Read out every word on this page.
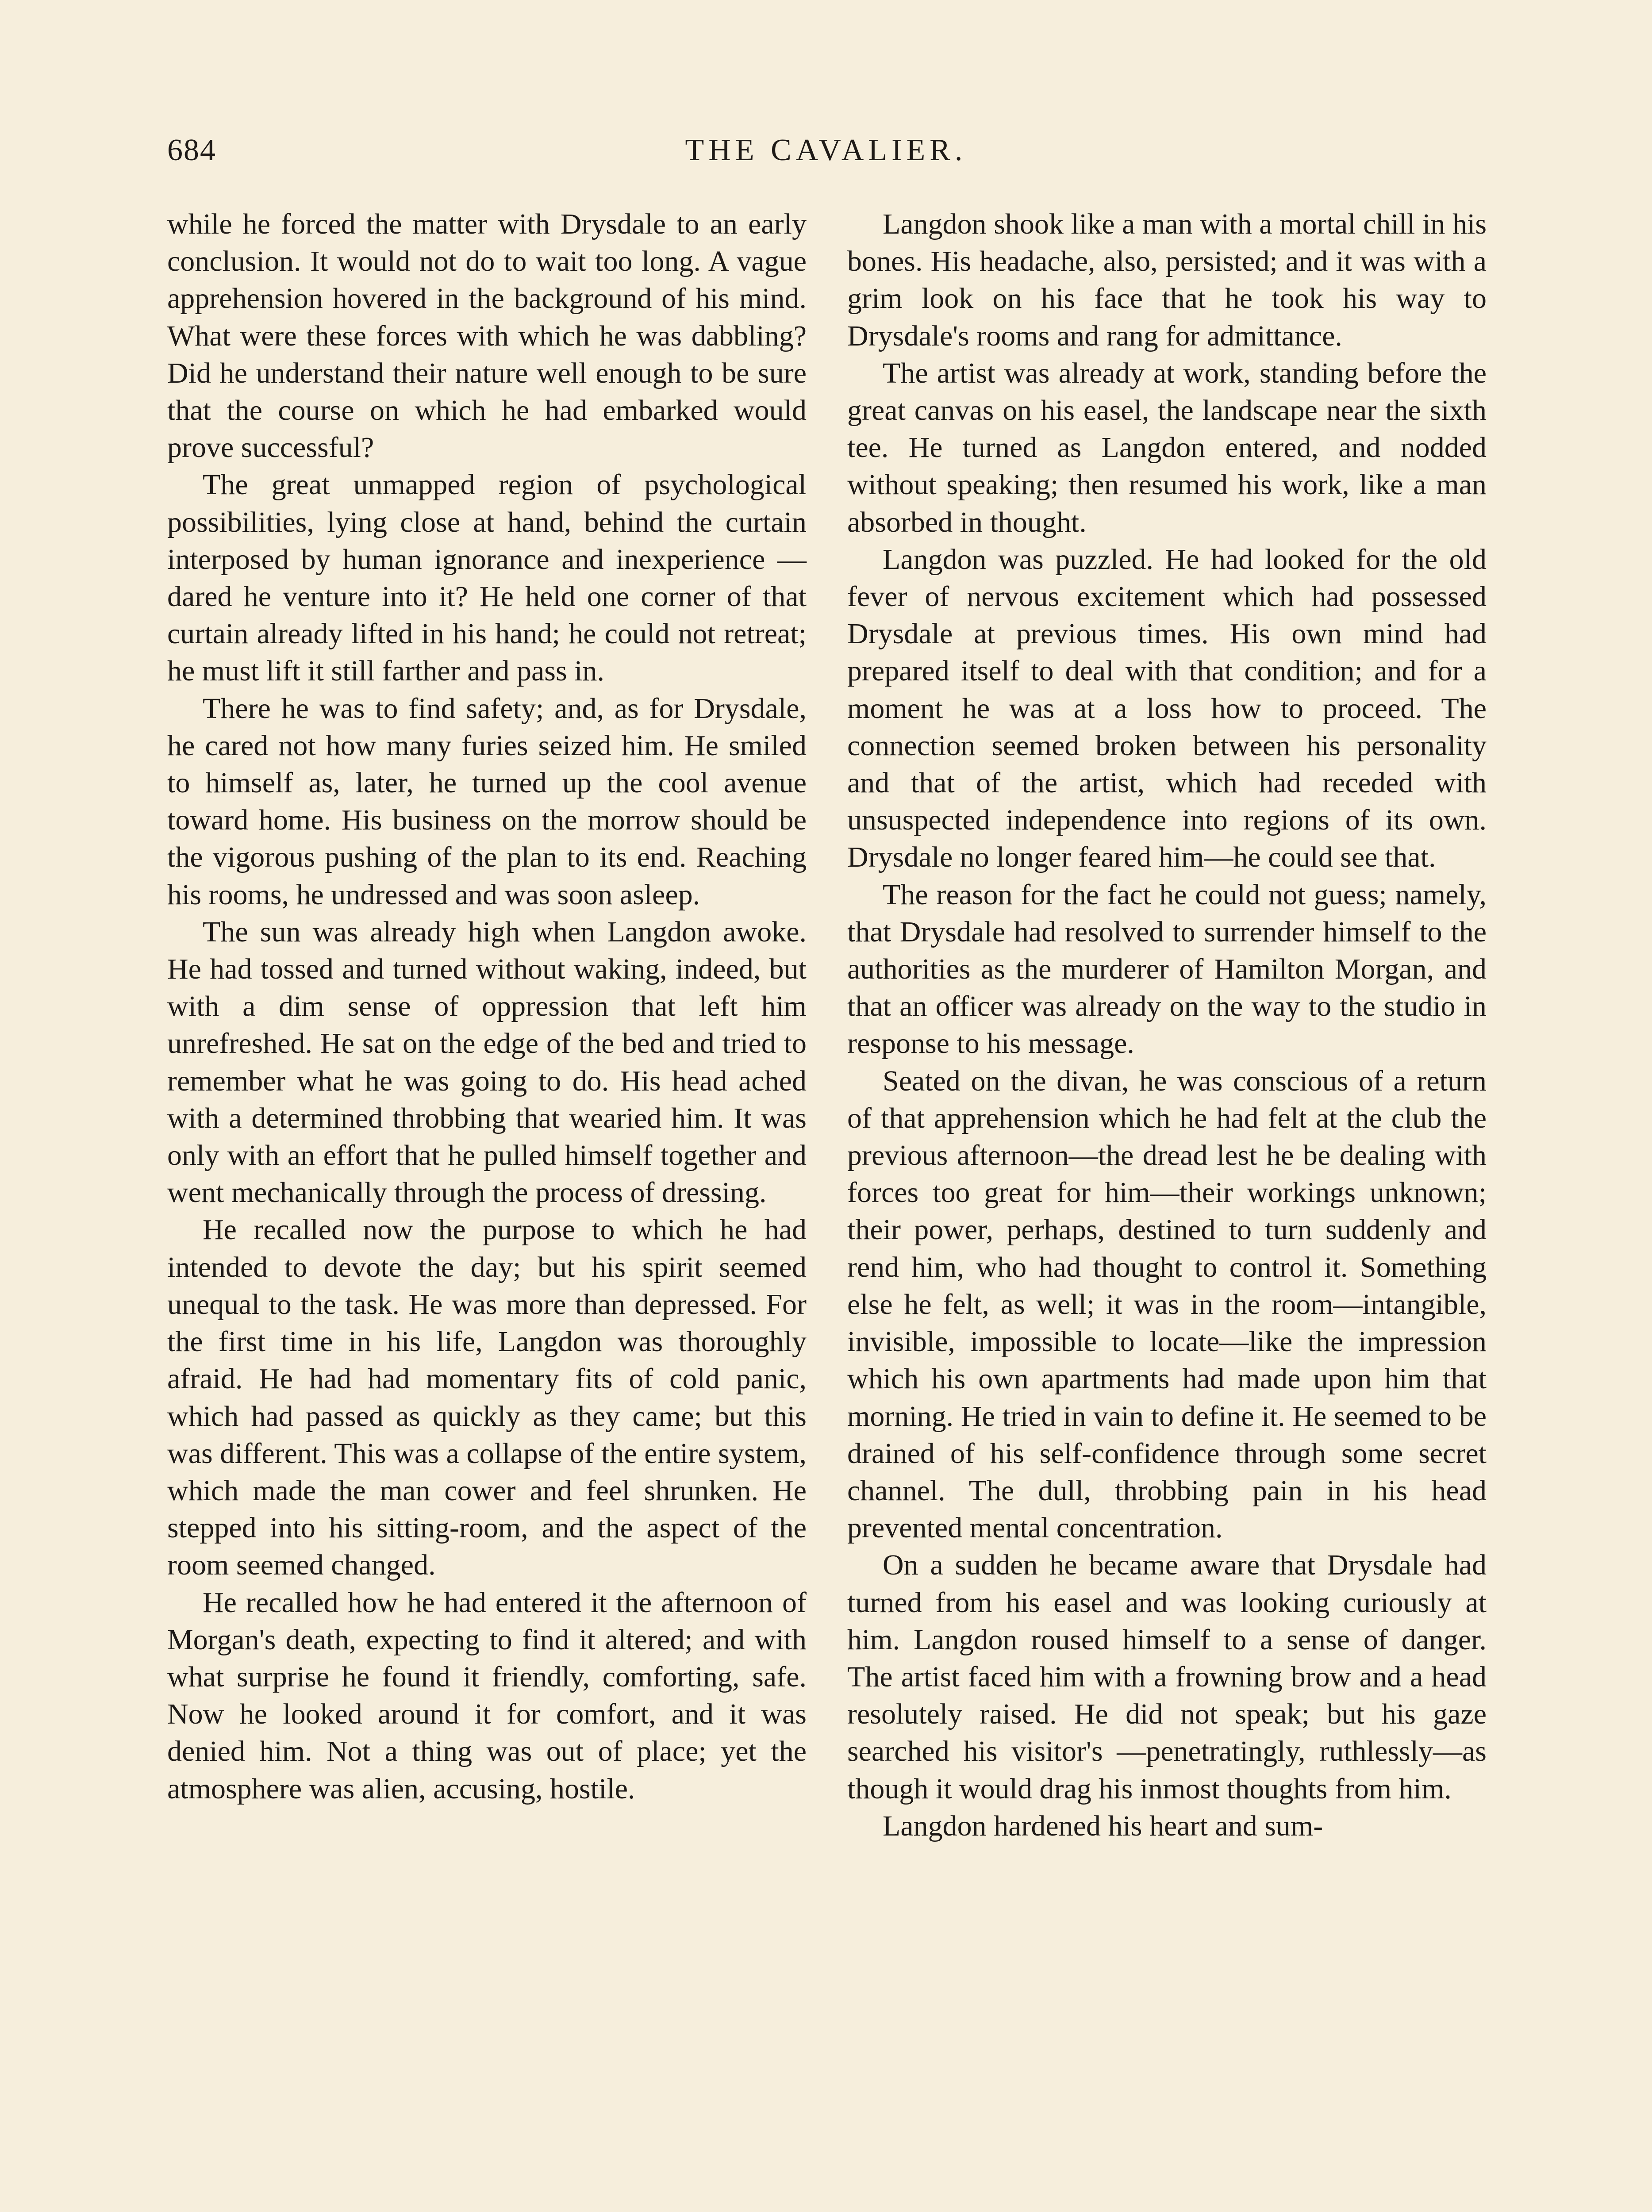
684	THE CAVALIER.

while he forced the matter with Drysdale to an early conclusion. It would not do to wait too long. A vague apprehension hovered in the background of his mind. What were these forces with which he was dabbling? Did he understand their nature well enough to be sure that the course on which he had embarked would prove successful?

The great unmapped region of psychological possibilities, lying close at hand, behind the curtain interposed by human ignorance and inexperience — dared he venture into it? He held one corner of that curtain already lifted in his hand; he could not retreat; he must lift it still farther and pass in.

There he was to find safety; and, as for Drysdale, he cared not how many furies seized him. He smiled to himself as, later, he turned up the cool avenue toward home. His business on the morrow should be the vigorous pushing of the plan to its end. Reaching his rooms, he undressed and was soon asleep.

The sun was already high when Langdon awoke. He had tossed and turned without waking, indeed, but with a dim sense of oppression that left him unrefreshed. He sat on the edge of the bed and tried to remember what he was going to do. His head ached with a determined throbbing that wearied him. It was only with an effort that he pulled himself together and went mechanically through the process of dressing.

He recalled now the purpose to which he had intended to devote the day; but his spirit seemed unequal to the task. He was more than depressed. For the first time in his life, Langdon was thoroughly afraid. He had had momentary fits of cold panic, which had passed as quickly as they came; but this was different. This was a collapse of the entire system, which made the man cower and feel shrunken. He stepped into his sitting-room, and the aspect of the room seemed changed.

He recalled how he had entered it the afternoon of Morgan's death, expecting to find it altered; and with what surprise he found it friendly, comforting, safe. Now he looked around it for comfort, and it was denied him. Not a thing was out of place; yet the atmosphere was alien, accusing, hostile.

Langdon shook like a man with a mortal chill in his bones. His headache, also, persisted; and it was with a grim look on his face that he took his way to Drysdale's rooms and rang for admittance.

The artist was already at work, standing before the great canvas on his easel, the landscape near the sixth tee. He turned as Langdon entered, and nodded without speaking; then resumed his work, like a man absorbed in thought.

Langdon was puzzled. He had looked for the old fever of nervous excitement which had possessed Drysdale at previous times. His own mind had prepared itself to deal with that condition; and for a moment he was at a loss how to proceed. The connection seemed broken between his personality and that of the artist, which had receded with unsuspected independence into regions of its own. Drysdale no longer feared him—he could see that.

The reason for the fact he could not guess; namely, that Drysdale had resolved to surrender himself to the authorities as the murderer of Hamilton Morgan, and that an officer was already on the way to the studio in response to his message.

Seated on the divan, he was conscious of a return of that apprehension which he had felt at the club the previous afternoon—the dread lest he be dealing with forces too great for him—their workings unknown; their power, perhaps, destined to turn suddenly and rend him, who had thought to control it. Something else he felt, as well; it was in the room—intangible, invisible, impossible to locate—like the impression which his own apartments had made upon him that morning. He tried in vain to define it. He seemed to be drained of his self-confidence through some secret channel. The dull, throbbing pain in his head prevented mental concentration.

On a sudden he became aware that Drysdale had turned from his easel and was looking curiously at him. Langdon roused himself to a sense of danger. The artist faced him with a frowning brow and a head resolutely raised. He did not speak; but his gaze searched his visitor's —penetratingly, ruthlessly—as though it would drag his inmost thoughts from him.

Langdon hardened his heart and sum-
